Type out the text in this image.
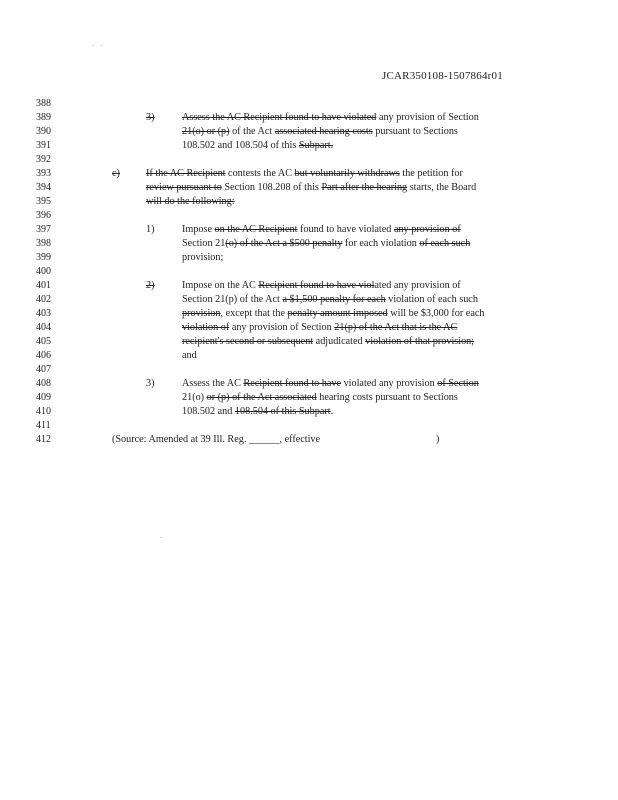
· ·
JCAR350108-1507864r01
388
389
390
391
392
393
394
395
396
397
398
399
400
401
402
403
404
405
406
407
408
409
410
411
412
3)	Assess the AC Recipient found to have violated any provision of Section
21(o) or (p) of the Act associated hearing costs pursuant to Sections
108.502 and 108.504 of this Subpart.
c)	If the AC Recipient contests the AC but voluntarily withdraws the petition for
review pursuant to Section 108.208 of this Part after the hearing starts, the Board
will do the following:
1)	Impose on the AC Recipient found to have violated any provision of
Section 21(o) of the Act a $500 penalty for each violation of each such
provision;
2)	Impose on the AC Recipient found to have violated any provision of
Section 21(p) of the Act a $1,500 penalty for each violation of each such
provision, except that the penalty amount imposed will be $3,000 for each
violation of any provision of Section 21(p) of the Act that is the AC
recipient's second or subsequent adjudicated violation of that provision;
and
3)	Assess the AC Recipient found to have violated any provision of Section
21(o) or (p) of the Act associated hearing costs pursuant to Sections
108.502 and 108.504 of this Subpart.
(Source: Amended at 39 Ill. Reg. ______, effective	)
.
